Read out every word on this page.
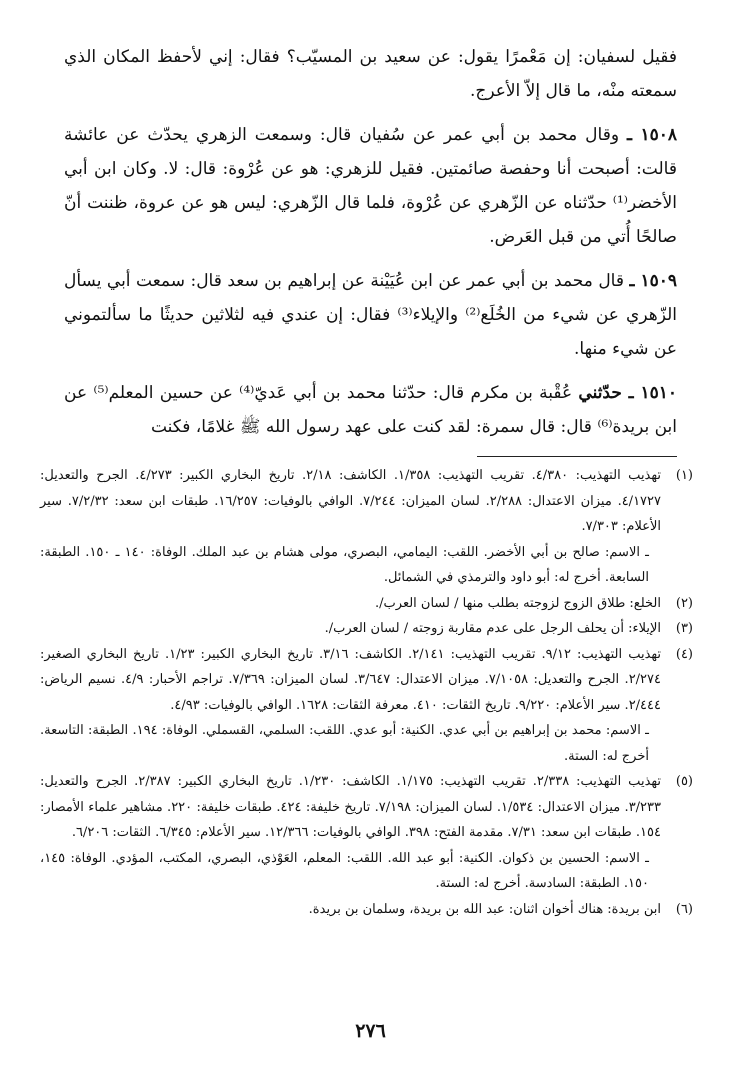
فقيل لسفيان: إن مَعْمرًا يقول: عن سعيد بن المسيّب؟ فقال: إني لأحفظ المكان الذي سمعته منْه، ما قال إلاّ الأعرج.

١٥٠٨ ـ وقال محمد بن أبي عمر عن سُفيان قال: وسمعت الزهري يحدّث عن عائشة قالت: أصبحت أنا وحفصة صائمتين. فقيل للزهري: هو عن عُرْوة: قال: لا. وكان ابن أبي الأخضر⁽¹⁾ حدّثناه عن الزّهري عن عُرْوة، فلما قال الزّهري: ليس هو عن عروة، ظننت أنّ صالحًا أُتي من قبل العَرض.

١٥٠٩ ـ قال محمد بن أبي عمر عن ابن عُيَيْنة عن إبراهيم بن سعد قال: سمعت أبي يسأل الزّهري عن شيء من الخُلَع⁽²⁾ والإيلاء⁽³⁾ فقال: إن عندي فيه لثلاثين حديثًا ما سألتموني عن شيء منها.

١٥١٠ ـ حدّثني عُقْبة بن مكرم قال: حدّثنا محمد بن أبي عَديّ⁽⁴⁾ عن حسين المعلم⁽⁵⁾ عن ابن بريدة⁽⁶⁾ قال: قال سمرة: لقد كنت على عهد رسول الله ﷺ غلامًا، فكنت

(١)

تهذيب التهذيب: ٤/٣٨٠. تقريب التهذيب: ١/٣٥٨. الكاشف: ٢/١٨. تاريخ البخاري الكبير: ٤/٢٧٣. الجرح والتعديل: ٤/١٧٢٧. ميزان الاعتدال: ٢/٢٨٨. لسان الميزان: ٧/٢٤٤. الوافي بالوفيات: ١٦/٢٥٧. طبقات ابن سعد: ٧/٢/٣٢. سير الأعلام: ٧/٣٠٣.

ـ الاسم: صالح بن أبي الأخضر. اللقب: اليمامي، البصري، مولى هشام بن عبد الملك. الوفاة: ١٤٠ ـ ١٥٠. الطبقة: السابعة. أخرج له: أبو داود والترمذي في الشمائل.

(٢)

الخلع: طلاق الزوج لزوجته بطلب منها / لسان العرب/.

(٣)

الإيلاء: أن يحلف الرجل على عدم مقاربة زوجته / لسان العرب/.

(٤)

تهذيب التهذيب: ٩/١٢. تقريب التهذيب: ٢/١٤١. الكاشف: ٣/١٦. تاريخ البخاري الكبير: ١/٢٣. تاريخ البخاري الصغير: ٢/٢٧٤. الجرح والتعديل: ٧/١٠٥٨. ميزان الاعتدال: ٣/٦٤٧. لسان الميزان: ٧/٣٦٩. تراجم الأحبار: ٤/٩. نسيم الرياض: ٢/٤٤٤. سير الأعلام: ٩/٢٢٠. تاريخ الثقات: ٤١٠. معرفة الثقات: ١٦٢٨. الوافي بالوفيات: ٤/٩٣.

ـ الاسم: محمد بن إبراهيم بن أبي عدي. الكنية: أبو عدي. اللقب: السلمي، القسملي. الوفاة: ١٩٤. الطبقة: التاسعة. أخرج له: الستة.

(٥)

تهذيب التهذيب: ٢/٣٣٨. تقريب التهذيب: ١/١٧٥. الكاشف: ١/٢٣٠. تاريخ البخاري الكبير: ٢/٣٨٧. الجرح والتعديل: ٣/٢٣٣. ميزان الاعتدال: ١/٥٣٤. لسان الميزان: ٧/١٩٨. تاريخ خليفة: ٤٢٤. طبقات خليفة: ٢٢٠. مشاهير علماء الأمصار: ١٥٤. طبقات ابن سعد: ٧/٣١. مقدمة الفتح: ٣٩٨. الوافي بالوفيات: ١٢/٣٦٦. سير الأعلام: ٦/٣٤٥. الثقات: ٦/٢٠٦.

ـ الاسم: الحسين بن ذكوان. الكنية: أبو عبد الله. اللقب: المعلم، العَوْذي، البصري، المكتب، المؤدي. الوفاة: ١٤٥، ١٥٠. الطبقة: السادسة. أخرج له: الستة.

(٦)

ابن بريدة: هناك أخوان اثنان: عبد الله بن بريدة، وسلمان بن بريدة.

٢٧٦
